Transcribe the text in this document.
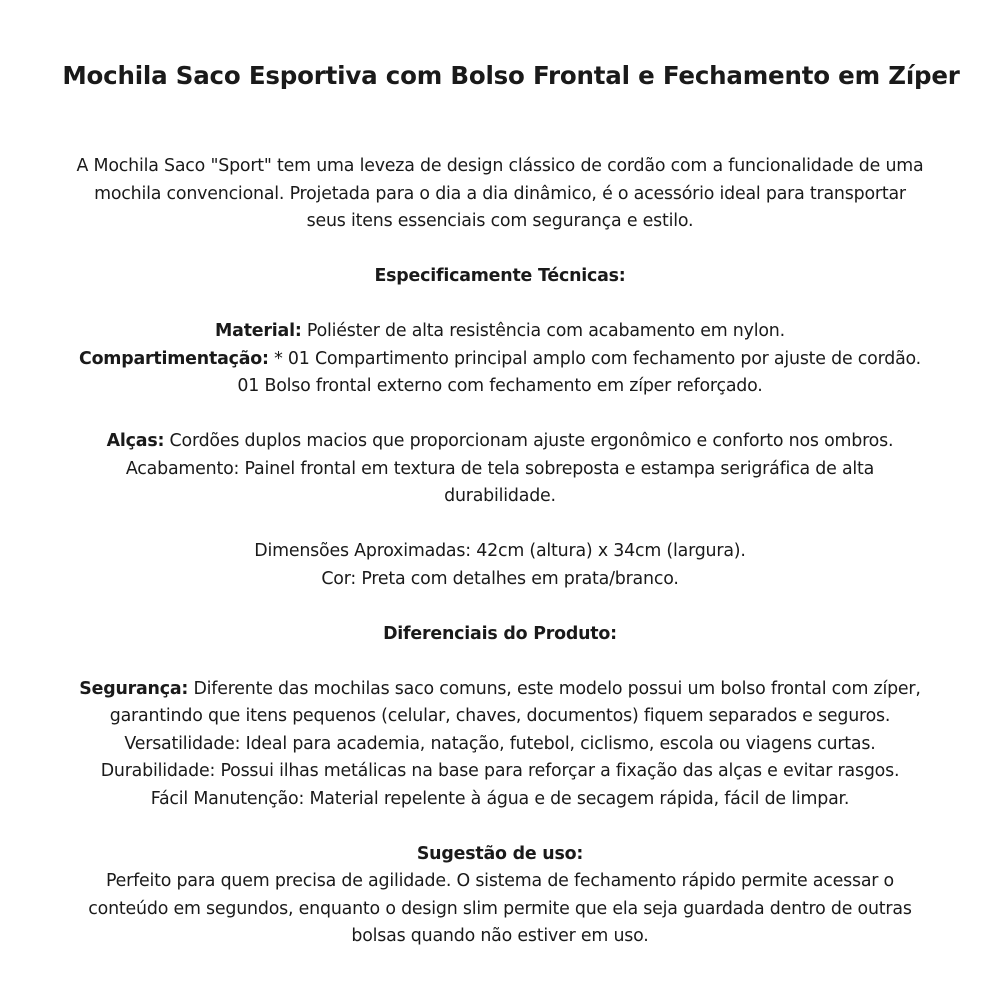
Mochila Saco Esportiva com Bolso Frontal e Fechamento em Zíper

A Mochila Saco "Sport" tem uma leveza de design clássico de cordão com a funcionalidade de uma

mochila convencional. Projetada para o dia a dia dinâmico, é o acessório ideal para transportar

seus itens essenciais com segurança e estilo.

Especificamente Técnicas:

Material: Poliéster de alta resistência com acabamento em nylon.

Compartimentação: * 01 Compartimento principal amplo com fechamento por ajuste de cordão.

01 Bolso frontal externo com fechamento em zíper reforçado.

Alças: Cordões duplos macios que proporcionam ajuste ergonômico e conforto nos ombros.

Acabamento: Painel frontal em textura de tela sobreposta e estampa serigráfica de alta

durabilidade.

Dimensões Aproximadas: 42cm (altura) x 34cm (largura).

Cor: Preta com detalhes em prata/branco.

Diferenciais do Produto:

Segurança: Diferente das mochilas saco comuns, este modelo possui um bolso frontal com zíper,

garantindo que itens pequenos (celular, chaves, documentos) fiquem separados e seguros.

Versatilidade: Ideal para academia, natação, futebol, ciclismo, escola ou viagens curtas.

Durabilidade: Possui ilhas metálicas na base para reforçar a fixação das alças e evitar rasgos.

Fácil Manutenção: Material repelente à água e de secagem rápida, fácil de limpar.

Sugestão de uso:

Perfeito para quem precisa de agilidade. O sistema de fechamento rápido permite acessar o

conteúdo em segundos, enquanto o design slim permite que ela seja guardada dentro de outras

bolsas quando não estiver em uso.
